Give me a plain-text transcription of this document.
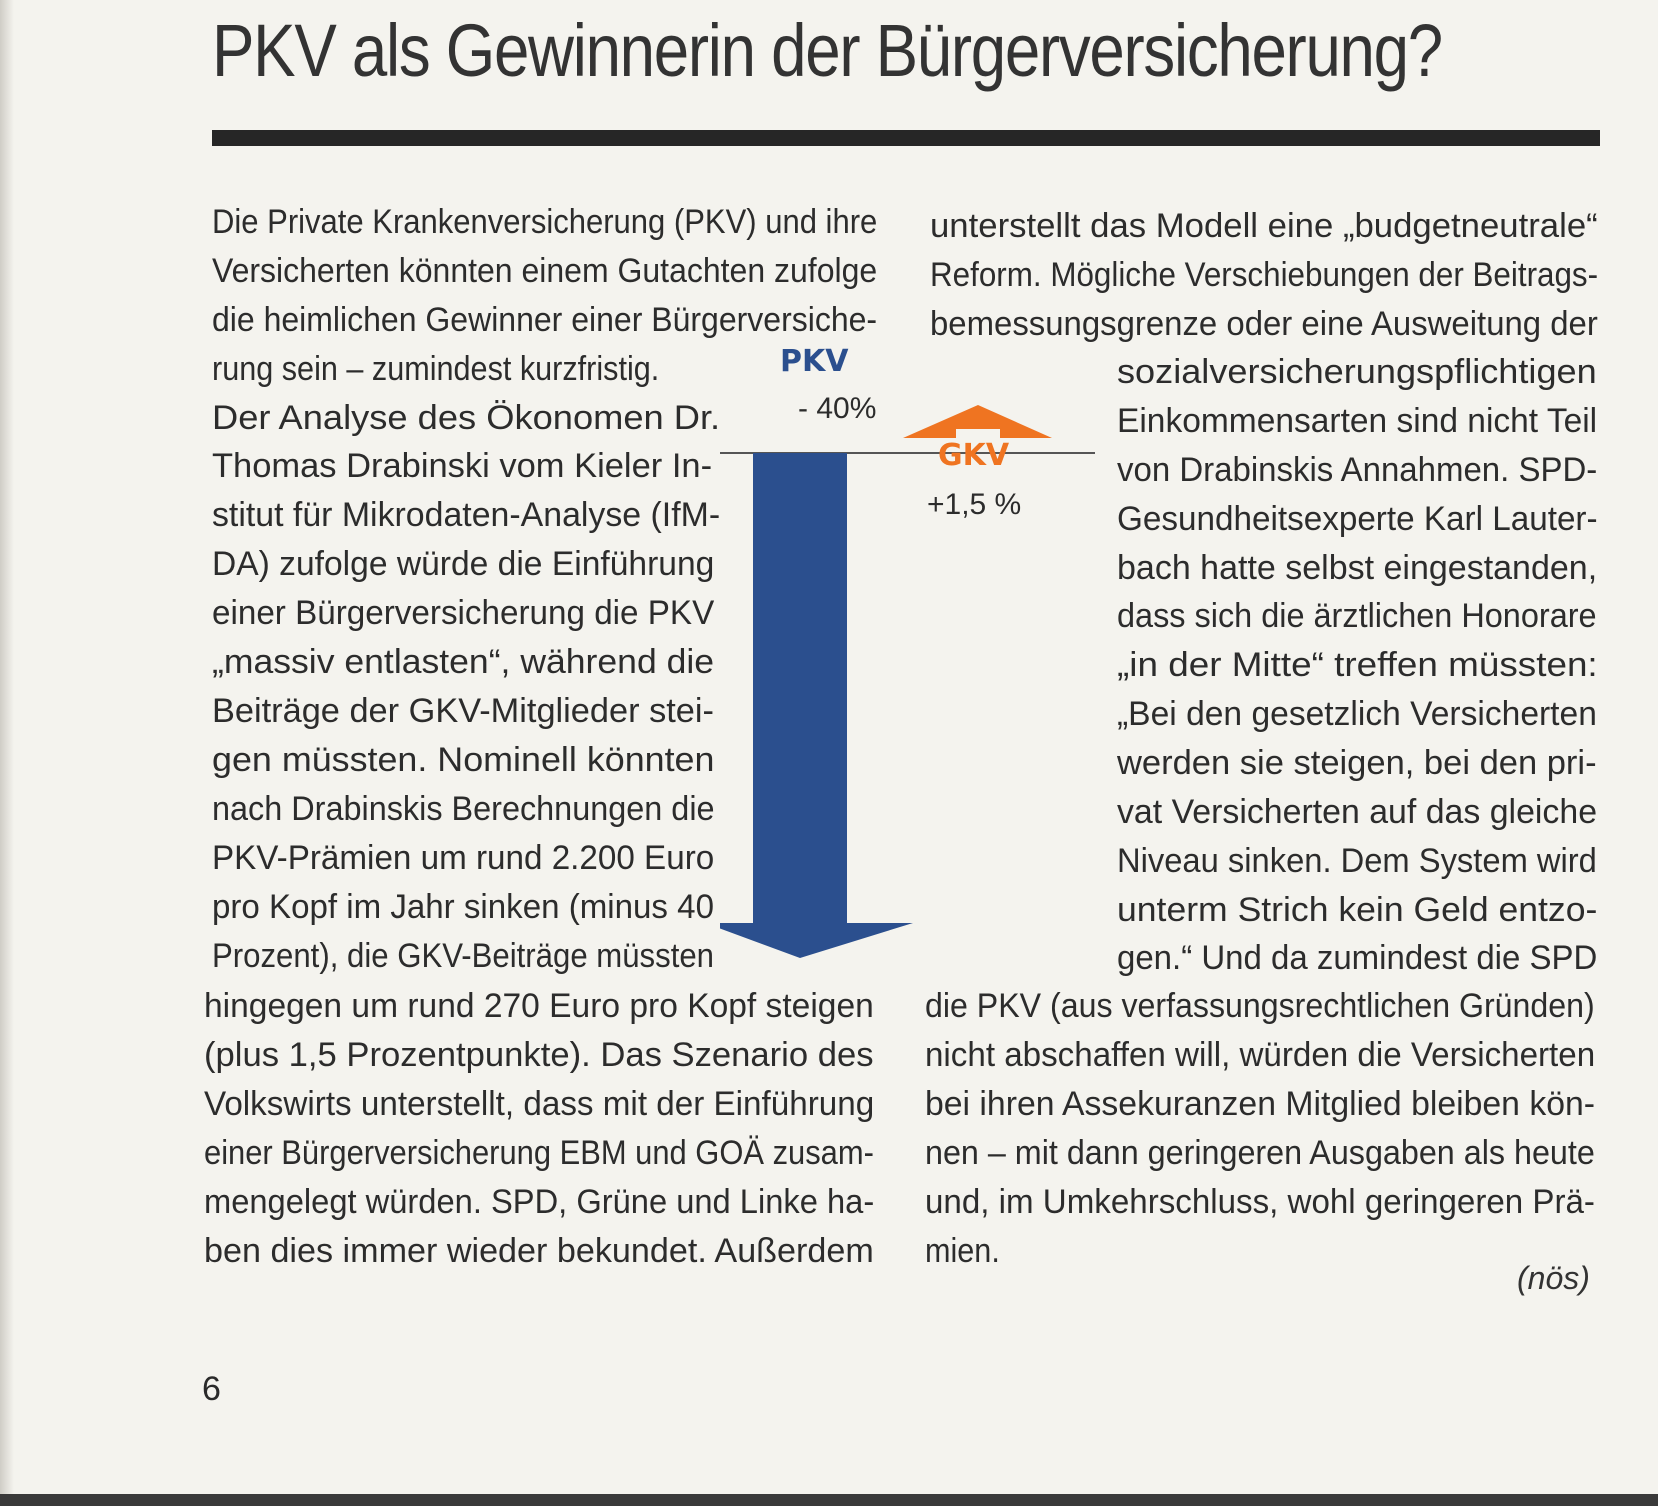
PKV als Gewinnerin der Bürgerversicherung?
Die Private Krankenversicherung (PKV) und ihre
Versicherten könnten einem Gutachten zufolge
die heimlichen Gewinner einer Bürgerversiche-
rung sein – zumindest kurzfristig.
Der Analyse des Ökonomen Dr.
Thomas Drabinski vom Kieler In-
stitut für Mikrodaten-Analyse (IfM-
DA) zufolge würde die Einführung
einer Bürgerversicherung die PKV
„massiv entlasten“, während die
Beiträge der GKV-Mitglieder stei-
gen müssten. Nominell könnten
nach Drabinskis Berechnungen die
PKV-Prämien um rund 2.200 Euro
pro Kopf im Jahr sinken (minus 40
Prozent), die GKV-Beiträge müssten
hingegen um rund 270 Euro pro Kopf steigen
(plus 1,5 Prozentpunkte). Das Szenario des
Volkswirts unterstellt, dass mit der Einführung
einer Bürgerversicherung EBM und GOÄ zusam-
mengelegt würden. SPD, Grüne und Linke ha-
ben dies immer wieder bekundet. Außerdem
unterstellt das Modell eine „budgetneutrale“
Reform. Mögliche Verschiebungen der Beitrags-
bemessungsgrenze oder eine Ausweitung der
sozialversicherungspflichtigen
Einkommensarten sind nicht Teil
von Drabinskis Annahmen. SPD-
Gesundheitsexperte Karl Lauter-
bach hatte selbst eingestanden,
dass sich die ärztlichen Honorare
„in der Mitte“ treffen müssten:
„Bei den gesetzlich Versicherten
werden sie steigen, bei den pri-
vat Versicherten auf das gleiche
Niveau sinken. Dem System wird
unterm Strich kein Geld entzo-
gen.“ Und da zumindest die SPD
die PKV (aus verfassungsrechtlichen Gründen)
nicht abschaffen will, würden die Versicherten
bei ihren Assekuranzen Mitglied bleiben kön-
nen – mit dann geringeren Ausgaben als heute
und, im Umkehrschluss, wohl geringeren Prä-
mien.
PKV
- 40%
GKV
+1,5 %
(nös)
6
